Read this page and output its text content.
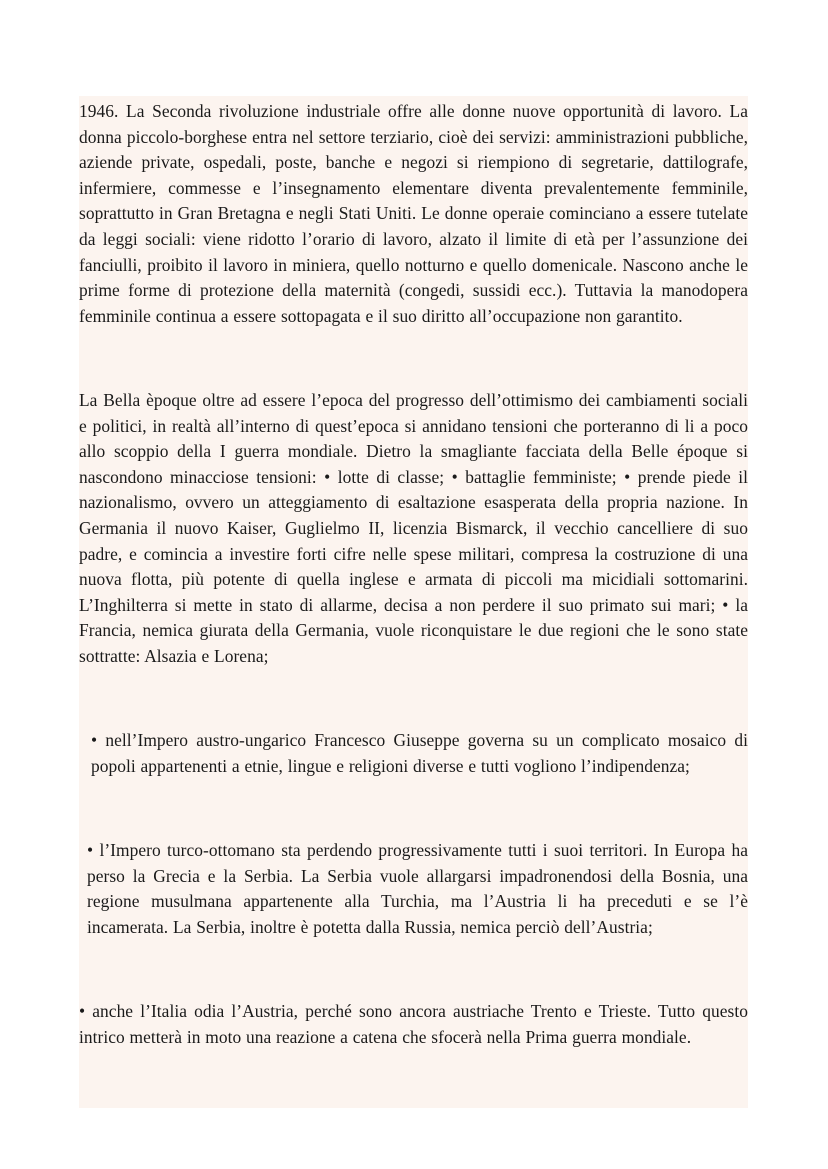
1946. La Seconda rivoluzione industriale offre alle donne nuove opportunità di lavoro. La donna piccolo-borghese entra nel settore terziario, cioè dei servizi: amministrazioni pubbliche, aziende private, ospedali, poste, banche e negozi si riempiono di segretarie, dattilografe, infermiere, commesse e l’insegnamento elementare diventa prevalentemente femminile, soprattutto in Gran Bretagna e negli Stati Uniti. Le donne operaie cominciano a essere tutelate da leggi sociali: viene ridotto l’orario di lavoro, alzato il limite di età per l’assunzione dei fanciulli, proibito il lavoro in miniera, quello notturno e quello domenicale. Nascono anche le prime forme di protezione della maternità (congedi, sussidi ecc.). Tuttavia la manodopera femminile continua a essere sottopagata e il suo diritto all’occupazione non garantito.

La Bella èpoque oltre ad essere l’epoca del progresso dell’ottimismo dei cambiamenti sociali e politici, in realtà all’interno di quest’epoca si annidano tensioni che porteranno di li a poco allo scoppio della I guerra mondiale. Dietro la smagliante facciata della Belle époque si nascondono minacciose tensioni: • lotte di classe; • battaglie femministe; • prende piede il nazionalismo, ovvero un atteggiamento di esaltazione esasperata della propria nazione. In Germania il nuovo Kaiser, Guglielmo II, licenzia Bismarck, il vecchio cancelliere di suo padre, e comincia a investire forti cifre nelle spese militari, compresa la costruzione di una nuova flotta, più potente di quella inglese e armata di piccoli ma micidiali sottomarini. L’Inghilterra si mette in stato di allarme, decisa a non perdere il suo primato sui mari; • la Francia, nemica giurata della Germania, vuole riconquistare le due regioni che le sono state sottratte: Alsazia e Lorena;

• nell’Impero austro-ungarico Francesco Giuseppe governa su un complicato mosaico di popoli appartenenti a etnie, lingue e religioni diverse e tutti vogliono l’indipendenza;

• l’Impero turco-ottomano sta perdendo progressivamente tutti i suoi territori. In Europa ha perso la Grecia e la Serbia. La Serbia vuole allargarsi impadronendosi della Bosnia, una regione musulmana appartenente alla Turchia, ma l’Austria li ha preceduti e se l’è incamerata. La Serbia, inoltre è potetta dalla Russia, nemica perciò dell’Austria;

• anche l’Italia odia l’Austria, perché sono ancora austriache Trento e Trieste. Tutto questo intrico metterà in moto una reazione a catena che sfocerà nella Prima guerra mondiale.
